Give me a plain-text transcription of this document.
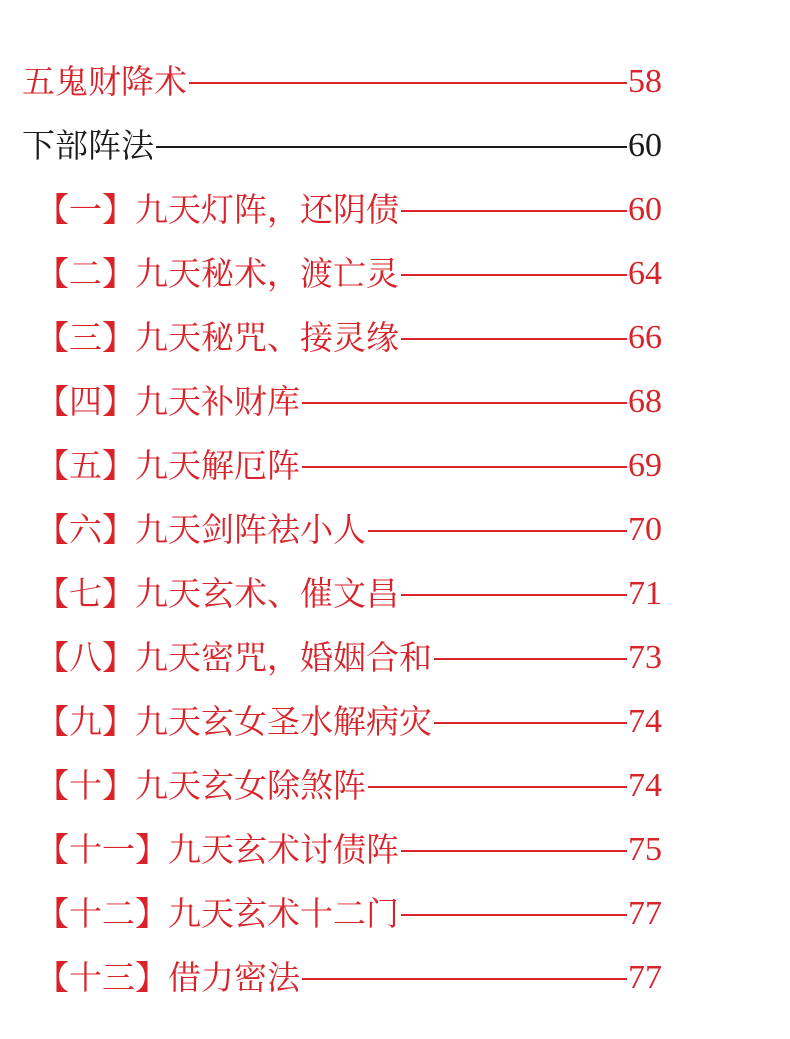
五鬼财降术	58
下部阵法	60
【一】九天灯阵，还阴债	60
【二】九天秘术，渡亡灵	64
【三】九天秘咒、接灵缘	66
【四】九天补财库	68
【五】九天解厄阵	69
【六】九天剑阵祛小人	70
【七】九天玄术、催文昌	71
【八】九天密咒，婚姻合和	73
【九】九天玄女圣水解病灾	74
【十】九天玄女除煞阵	74
【十一】九天玄术讨债阵	75
【十二】九天玄术十二门	77
【十三】借力密法	77
